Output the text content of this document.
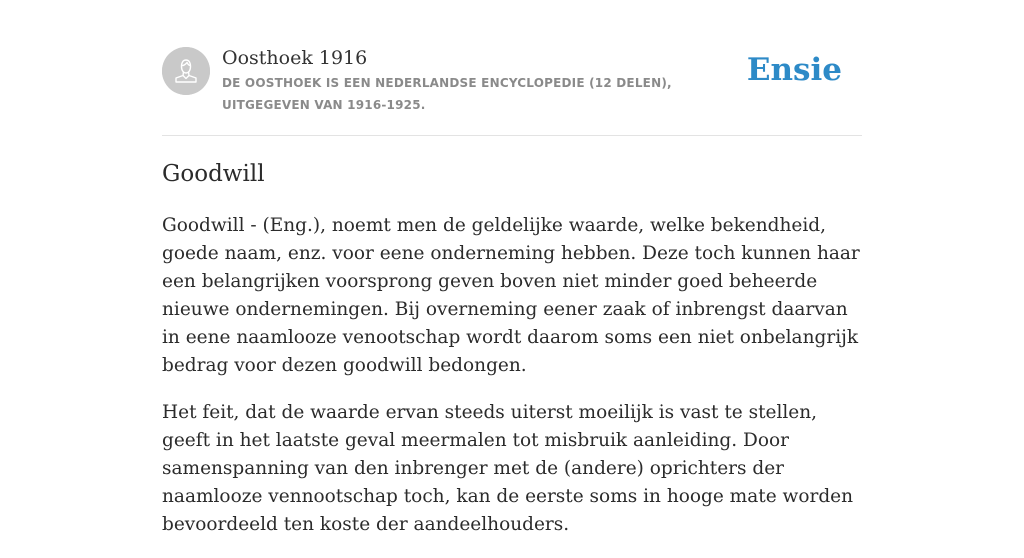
Oosthoek 1916
DE OOSTHOEK IS EEN NEDERLANDSE ENCYCLOPEDIE (12 DELEN), UITGEGEVEN VAN 1916-1925.
Ensie
Goodwill

Goodwill - (Eng.), noemt men de geldelijke waarde, welke bekendheid, goede naam, enz. voor eene onderneming hebben. Deze toch kunnen haar een belangrijken voorsprong geven boven niet minder goed beheerde nieuwe ondernemingen. Bij overneming eener zaak of inbrengst daarvan in eene naamlooze venootschap wordt daarom soms een niet onbelangrijk bedrag voor dezen goodwill bedongen.

Het feit, dat de waarde ervan steeds uiterst moeilijk is vast te stellen, geeft in het laatste geval meermalen tot misbruik aanleiding. Door samenspanning van den inbrenger met de (andere) oprichters der naamlooze vennootschap toch, kan de eerste soms in hooge mate worden bevoordeeld ten koste der aandeelhouders.
